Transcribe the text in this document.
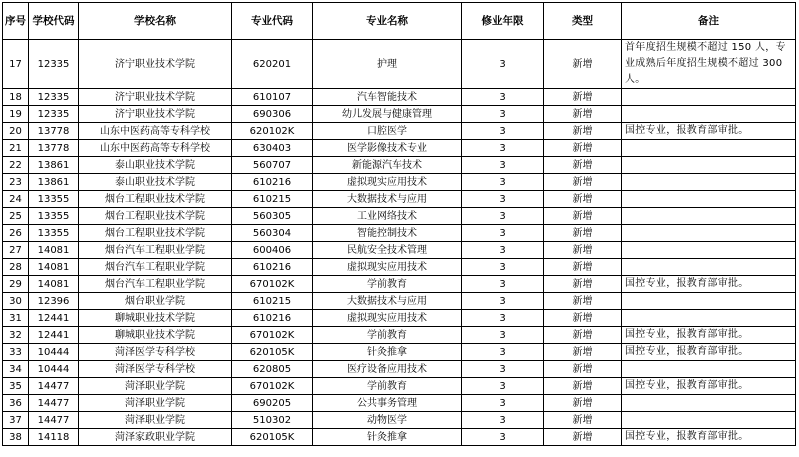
序号	学校代码	学校名称	专业代码	专业名称	修业年限	类型	备注
17	12335	济宁职业技术学院	620201	护理	3	新增	首年度招生规模不超过 150 人，专业成熟后年度招生规模不超过 300 人。
18	12335	济宁职业技术学院	610107	汽车智能技术	3	新增	
19	12335	济宁职业技术学院	690306	幼儿发展与健康管理	3	新增	
20	13778	山东中医药高等专科学校	620102K	口腔医学	3	新增	国控专业，报教育部审批。
21	13778	山东中医药高等专科学校	630403	医学影像技术专业	3	新增	
22	13861	泰山职业技术学院	560707	新能源汽车技术	3	新增	
23	13861	泰山职业技术学院	610216	虚拟现实应用技术	3	新增	
24	13355	烟台工程职业技术学院	610215	大数据技术与应用	3	新增	
25	13355	烟台工程职业技术学院	560305	工业网络技术	3	新增	
26	13355	烟台工程职业技术学院	560304	智能控制技术	3	新增	
27	14081	烟台汽车工程职业学院	600406	民航安全技术管理	3	新增	
28	14081	烟台汽车工程职业学院	610216	虚拟现实应用技术	3	新增	
29	14081	烟台汽车工程职业学院	670102K	学前教育	3	新增	国控专业，报教育部审批。
30	12396	烟台职业学院	610215	大数据技术与应用	3	新增	
31	12441	聊城职业技术学院	610216	虚拟现实应用技术	3	新增	
32	12441	聊城职业技术学院	670102K	学前教育	3	新增	国控专业，报教育部审批。
33	10444	菏泽医学专科学校	620105K	针灸推拿	3	新增	国控专业，报教育部审批。
34	10444	菏泽医学专科学校	620805	医疗设备应用技术	3	新增	
35	14477	菏泽职业学院	670102K	学前教育	3	新增	国控专业，报教育部审批。
36	14477	菏泽职业学院	690205	公共事务管理	3	新增	
37	14477	菏泽职业学院	510302	动物医学	3	新增	
38	14118	菏泽家政职业学院	620105K	针灸推拿	3	新增	国控专业，报教育部审批。
